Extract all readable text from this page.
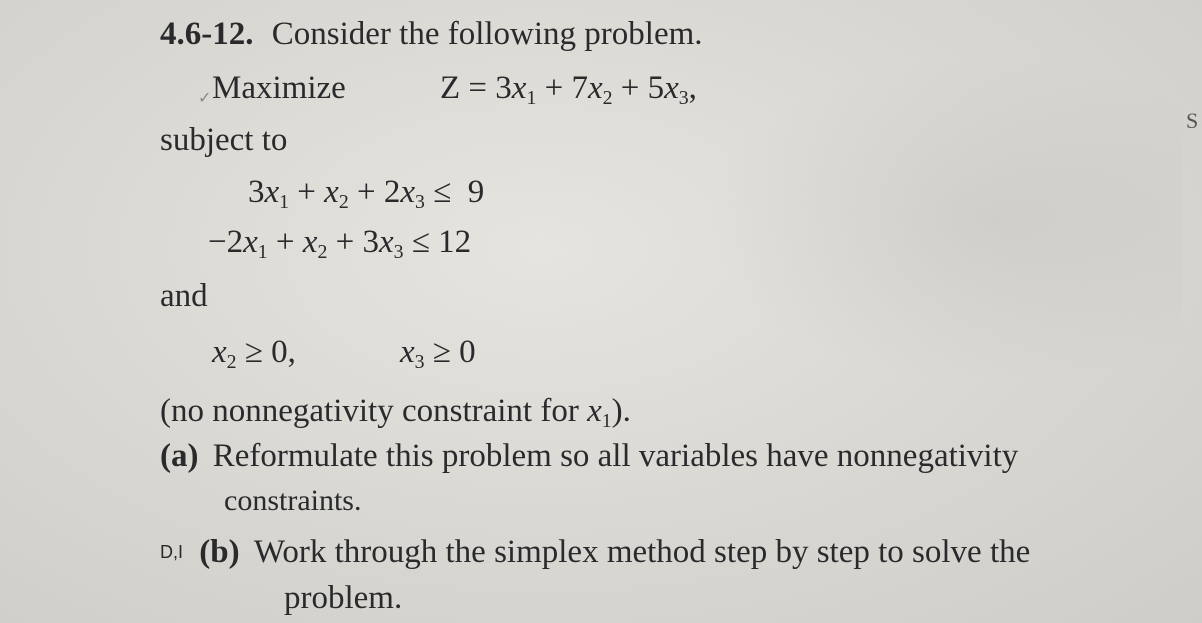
4.6-12. Consider the following problem.
✓ Maximize	$Z = 3x_1 + 7x_2 + 5x_3$,
subject to
$3x_1 + x_2 + 2x_3 \le 9$
$-2x_1 + x_2 + 3x_3 \le 12$
and
$x_2 \ge 0$,	$x_3 \ge 0$
(no nonnegativity constraint for $x_1$).
(a) Reformulate this problem so all variables have nonnegativity
constraints.
D,I (b) Work through the simplex method step by step to solve the
problem.
S
